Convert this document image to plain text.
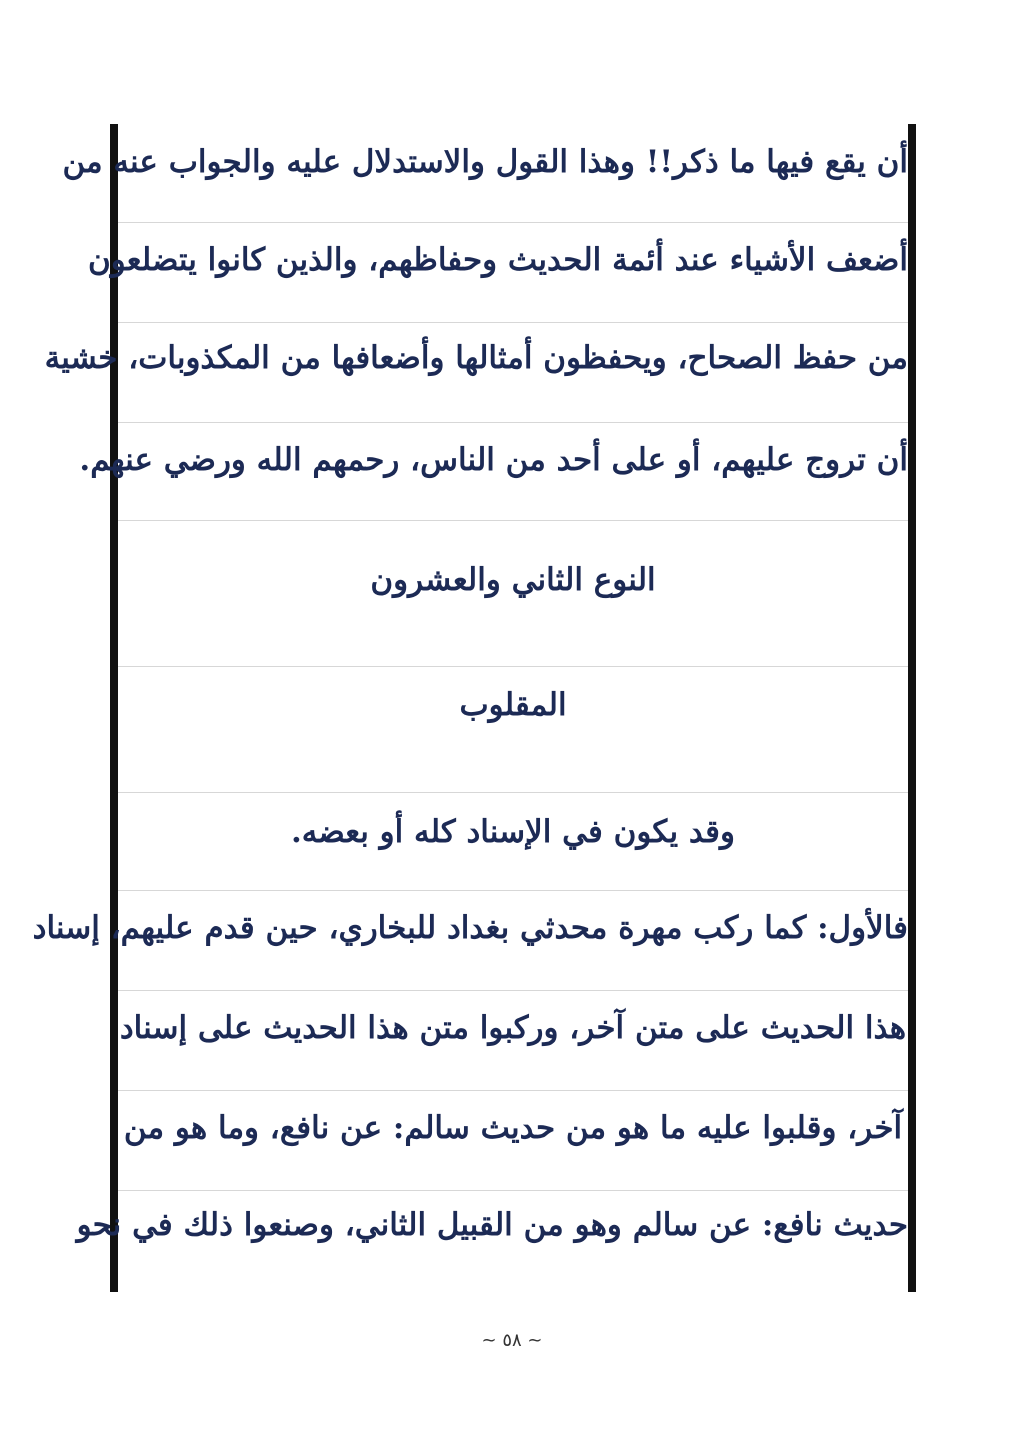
أن يقع فيها ما ذكر!! وهذا القول والاستدلال عليه والجواب عنه من
أضعف الأشياء عند أئمة الحديث وحفاظهم، والذين كانوا يتضلعون
من حفظ الصحاح، ويحفظون أمثالها وأضعافها من المكذوبات، خشية
أن تروج عليهم، أو على أحد من الناس، رحمهم الله ورضي عنهم.
النوع الثاني والعشرون
المقلوب
وقد يكون في الإسناد كله أو بعضه.
فالأول: كما ركب مهرة محدثي بغداد للبخاري، حين قدم عليهم، إسناد
هذا الحديث على متن آخر، وركبوا متن هذا الحديث على إسناد
آخر، وقلبوا عليه ما هو من حديث سالم: عن نافع، وما هو من
حديث نافع: عن سالم وهو من القبيل الثاني، وصنعوا ذلك في نحو
~ ٥٨ ~
